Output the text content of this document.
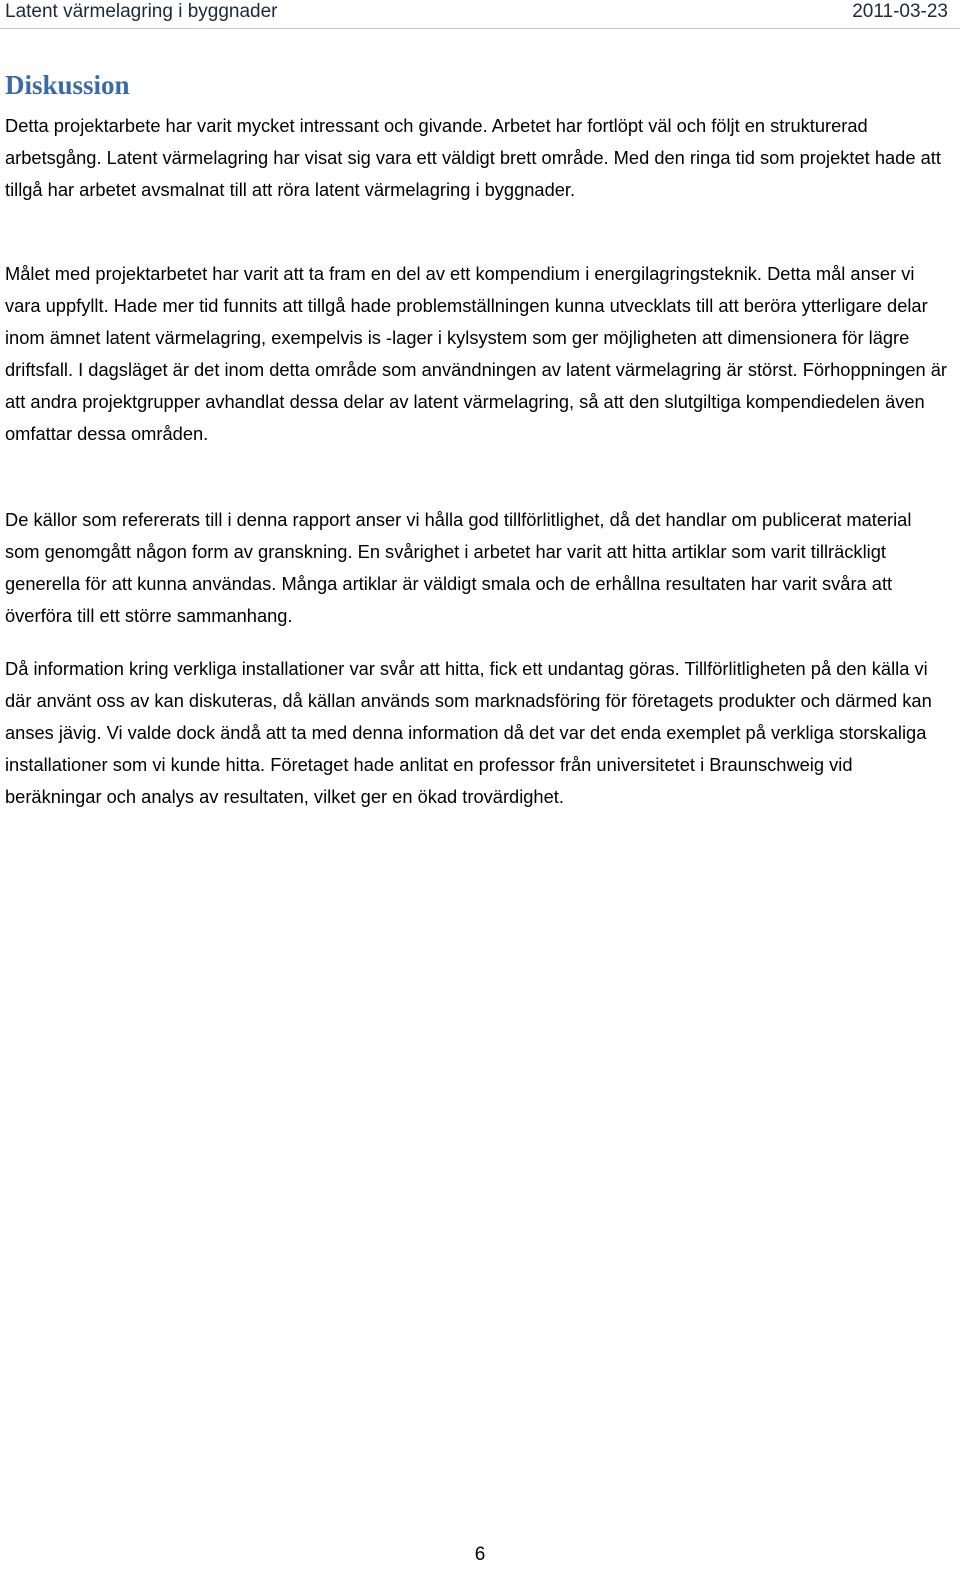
Latent värmelagring i byggnader	2011-03-23
Diskussion

Detta projektarbete har varit mycket intressant och givande. Arbetet har fortlöpt väl och följt en strukturerad arbetsgång. Latent värmelagring har visat sig vara ett väldigt brett område. Med den ringa tid som projektet hade att tillgå har arbetet avsmalnat till att röra latent värmelagring i byggnader.

Målet med projektarbetet har varit att ta fram en del av ett kompendium i energilagringsteknik. Detta mål anser vi vara uppfyllt. Hade mer tid funnits att tillgå hade problemställningen kunna utvecklats till att beröra ytterligare delar inom ämnet latent värmelagring, exempelvis is -lager i kylsystem som ger möjligheten att dimensionera för lägre driftsfall. I dagsläget är det inom detta område som användningen av latent värmelagring är störst. Förhoppningen är att andra projektgrupper avhandlat dessa delar av latent värmelagring, så att den slutgiltiga kompendiedelen även omfattar dessa områden.

De källor som refererats till i denna rapport anser vi hålla god tillförlitlighet, då det handlar om publicerat material som genomgått någon form av granskning. En svårighet i arbetet har varit att hitta artiklar som varit tillräckligt generella för att kunna användas. Många artiklar är väldigt smala och de erhållna resultaten har varit svåra att överföra till ett större sammanhang.

Då information kring verkliga installationer var svår att hitta, fick ett undantag göras. Tillförlitligheten på den källa vi där använt oss av kan diskuteras, då källan används som marknadsföring för företagets produkter och därmed kan anses jävig. Vi valde dock ändå att ta med denna information då det var det enda exemplet på verkliga storskaliga installationer som vi kunde hitta. Företaget hade anlitat en professor från universitetet i Braunschweig vid beräkningar och analys av resultaten, vilket ger en ökad trovärdighet.

6
